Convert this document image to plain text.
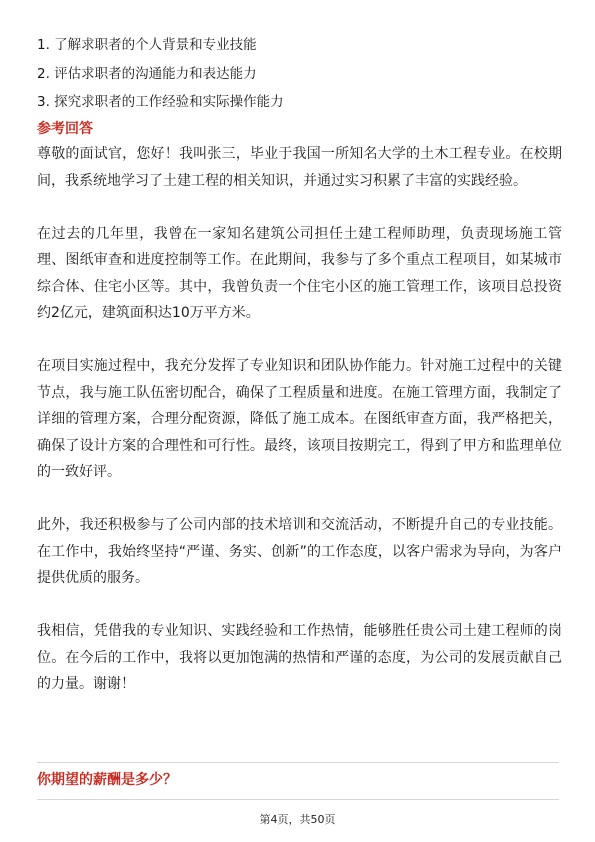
1. 了解求职者的个人背景和专业技能
2. 评估求职者的沟通能力和表达能力
3. 探究求职者的工作经验和实际操作能力
参考回答

尊敬的面试官，您好！我叫张三，毕业于我国一所知名大学的土木工程专业。在校期间，我系统地学习了土建工程的相关知识，并通过实习积累了丰富的实践经验。

在过去的几年里，我曾在一家知名建筑公司担任土建工程师助理，负责现场施工管理、图纸审查和进度控制等工作。在此期间，我参与了多个重点工程项目，如某城市综合体、住宅小区等。其中，我曾负责一个住宅小区的施工管理工作，该项目总投资约2亿元，建筑面积达10万平方米。

在项目实施过程中，我充分发挥了专业知识和团队协作能力。针对施工过程中的关键节点，我与施工队伍密切配合，确保了工程质量和进度。在施工管理方面，我制定了详细的管理方案，合理分配资源，降低了施工成本。在图纸审查方面，我严格把关，确保了设计方案的合理性和可行性。最终，该项目按期完工，得到了甲方和监理单位的一致好评。

此外，我还积极参与了公司内部的技术培训和交流活动，不断提升自己的专业技能。在工作中，我始终坚持“严谨、务实、创新”的工作态度，以客户需求为导向，为客户提供优质的服务。

我相信，凭借我的专业知识、实践经验和工作热情，能够胜任贵公司土建工程师的岗位。在今后的工作中，我将以更加饱满的热情和严谨的态度，为公司的发展贡献自己的力量。谢谢！

你期望的薪酬是多少？
第4页，共50页
